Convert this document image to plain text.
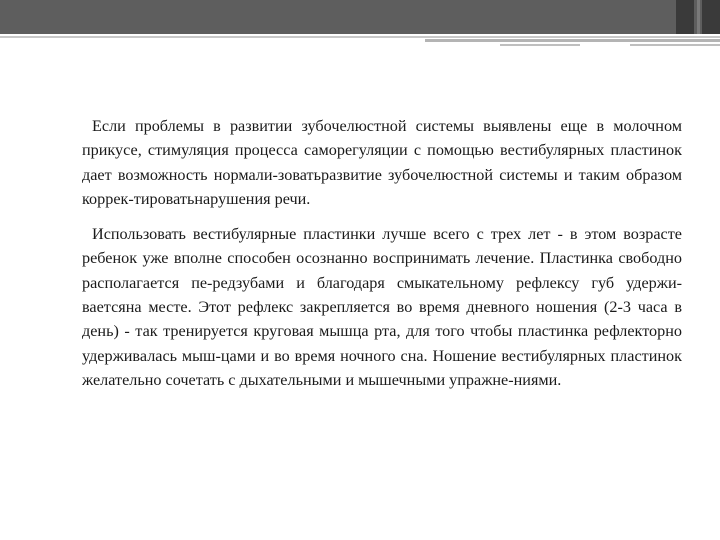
Если проблемы в развитии зубочелюстной системы выявлены еще в молочном прикусе, стимуляция процесса саморегуляции с помощью вестибулярных пластинок дает возможность нормали-зоватьразвитие зубочелюстной системы и таким образом коррек-тироватьнарушения речи.

Использовать вестибулярные пластинки лучше всего с трех лет - в этом возрасте ребенок уже вполне способен осознанно воспринимать лечение. Пластинка свободно располагается пе-редзубами и благодаря смыкательному рефлексу губ удержи-ваетсяна месте. Этот рефлекс закрепляется во время дневного ношения (2-3 часа в день) - так тренируется круговая мышца рта, для того чтобы пластинка рефлекторно удерживалась мыш-цами и во время ночного сна. Ношение вестибулярных пластинок желательно сочетать с дыхательными и мышечными упражне-ниями.
